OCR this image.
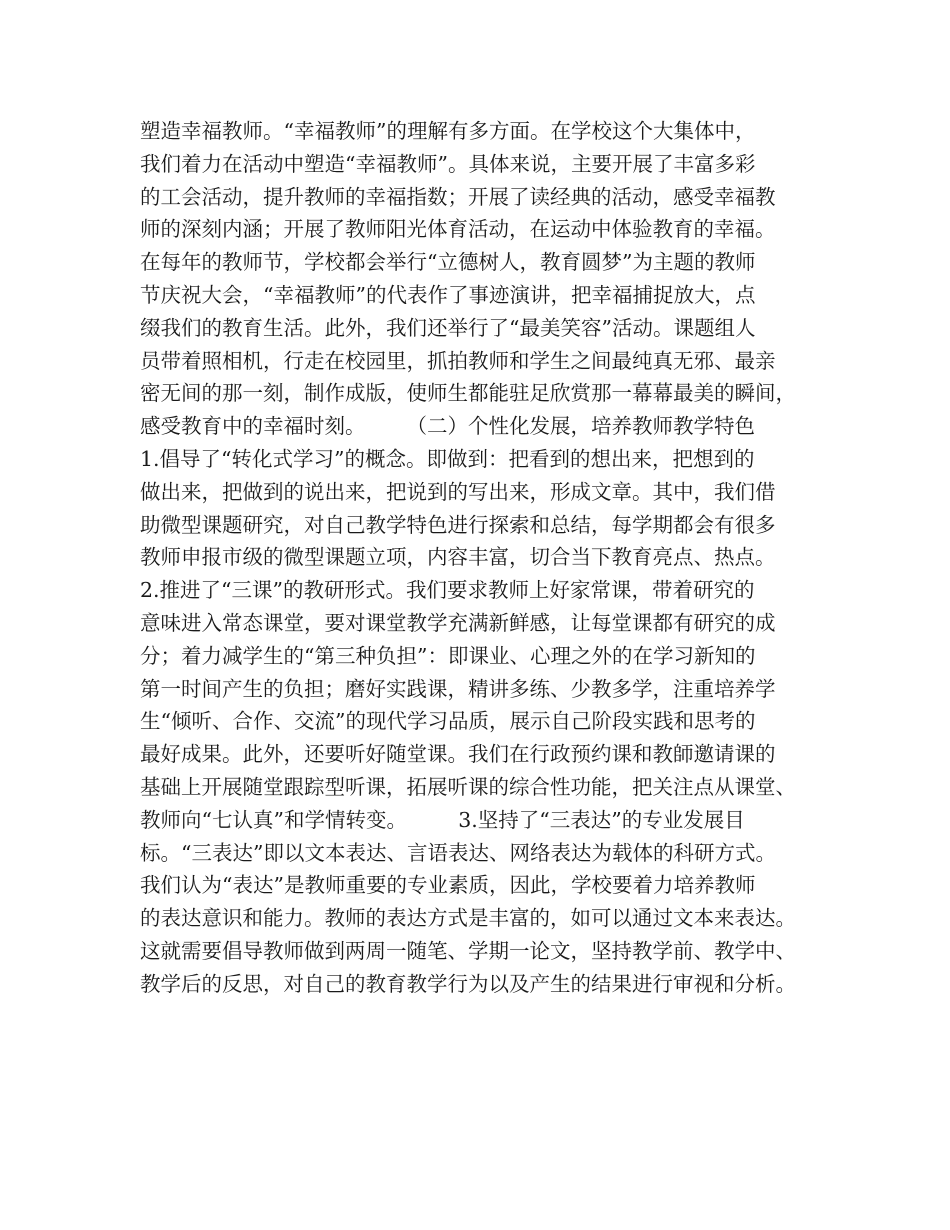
塑造幸福教师。“幸福教师”的理解有多方面。在学校这个大集体中，
我们着力在活动中塑造“幸福教师”。具体来说，主要开展了丰富多彩
的工会活动，提升教师的幸福指数；开展了读经典的活动，感受幸福教
师的深刻内涵；开展了教师阳光体育活动，在运动中体验教育的幸福。
在每年的教师节，学校都会举行“立德树人，教育圆梦”为主题的教师
节庆祝大会，“幸福教师”的代表作了事迹演讲，把幸福捕捉放大，点
缀我们的教育生活。此外，我们还举行了“最美笑容”活动。课题组人
员带着照相机，行走在校园里，抓拍教师和学生之间最纯真无邪、最亲
密无间的那一刻，制作成版，使师生都能驻足欣赏那一幕幕最美的瞬间，
感受教育中的幸福时刻。　　　（二）个性化发展，培养教师教学特色
1.倡导了“转化式学习”的概念。即做到：把看到的想出来，把想到的
做出来，把做到的说出来，把说到的写出来，形成文章。其中，我们借
助微型课题研究，对自己教学特色进行探索和总结，每学期都会有很多
教师申报市级的微型课题立项，内容丰富，切合当下教育亮点、热点。
2.推进了“三课”的教研形式。我们要求教师上好家常课，带着研究的
意味进入常态课堂，要对课堂教学充满新鲜感，让每堂课都有研究的成
分；着力减学生的“第三种负担”：即课业、心理之外的在学习新知的
第一时间产生的负担；磨好实践课，精讲多练、少教多学，注重培养学
生“倾听、合作、交流”的现代学习品质，展示自己阶段实践和思考的
最好成果。此外，还要听好随堂课。我们在行政预约课和教師邀请课的
基础上开展随堂跟踪型听课，拓展听课的综合性功能，把关注点从课堂、
教师向“七认真”和学情转变。　　　3.坚持了“三表达”的专业发展目
标。“三表达”即以文本表达、言语表达、网络表达为载体的科研方式。
我们认为“表达”是教师重要的专业素质，因此，学校要着力培养教师
的表达意识和能力。教师的表达方式是丰富的，如可以通过文本来表达。
这就需要倡导教师做到两周一随笔、学期一论文，坚持教学前、教学中、
教学后的反思，对自己的教育教学行为以及产生的结果进行审视和分析。
